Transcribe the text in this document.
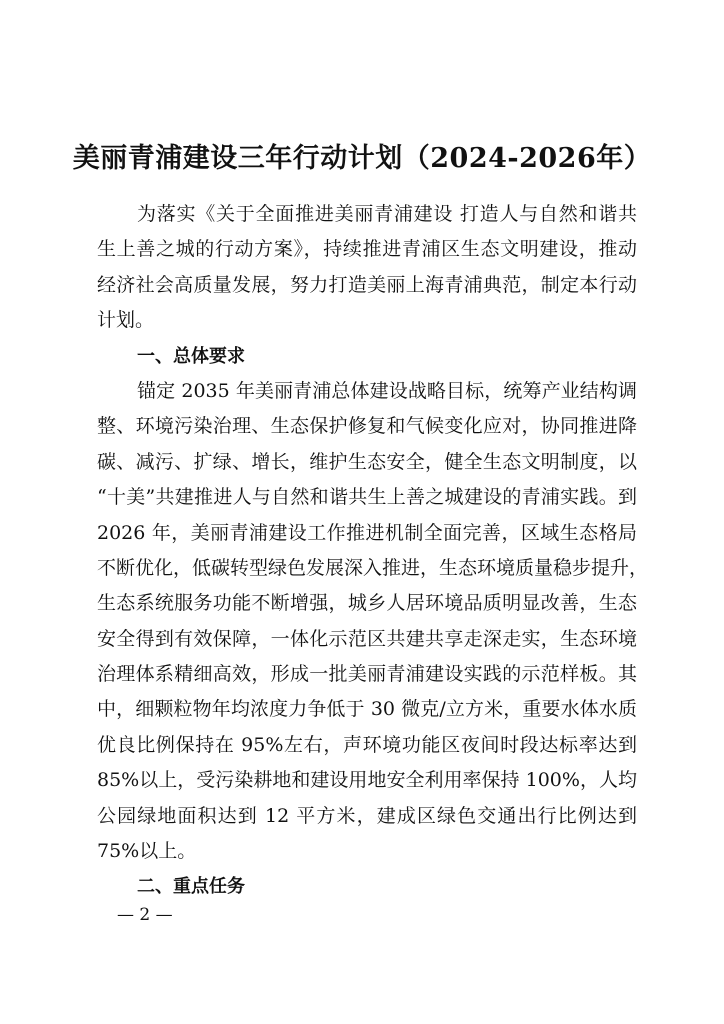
美丽青浦建设三年行动计划（2024-2026年）
为落实《关于全面推进美丽青浦建设 打造人与自然和谐共
生上善之城的行动方案》，持续推进青浦区生态文明建设，推动
经济社会高质量发展，努力打造美丽上海青浦典范，制定本行动
计划。
一、总体要求
锚定 2035 年美丽青浦总体建设战略目标，统筹产业结构调
整、环境污染治理、生态保护修复和气候变化应对，协同推进降
碳、减污、扩绿、增长，维护生态安全，健全生态文明制度，以
“十美”共建推进人与自然和谐共生上善之城建设的青浦实践。到
2026 年，美丽青浦建设工作推进机制全面完善，区域生态格局
不断优化，低碳转型绿色发展深入推进，生态环境质量稳步提升，
生态系统服务功能不断增强，城乡人居环境品质明显改善，生态
安全得到有效保障，一体化示范区共建共享走深走实，生态环境
治理体系精细高效，形成一批美丽青浦建设实践的示范样板。其
中，细颗粒物年均浓度力争低于 30 微克/立方米，重要水体水质
优良比例保持在 95%左右，声环境功能区夜间时段达标率达到
85%以上，受污染耕地和建设用地安全利用率保持 100%，人均
公园绿地面积达到 12 平方米，建成区绿色交通出行比例达到
75%以上。
二、重点任务
— 2 —
